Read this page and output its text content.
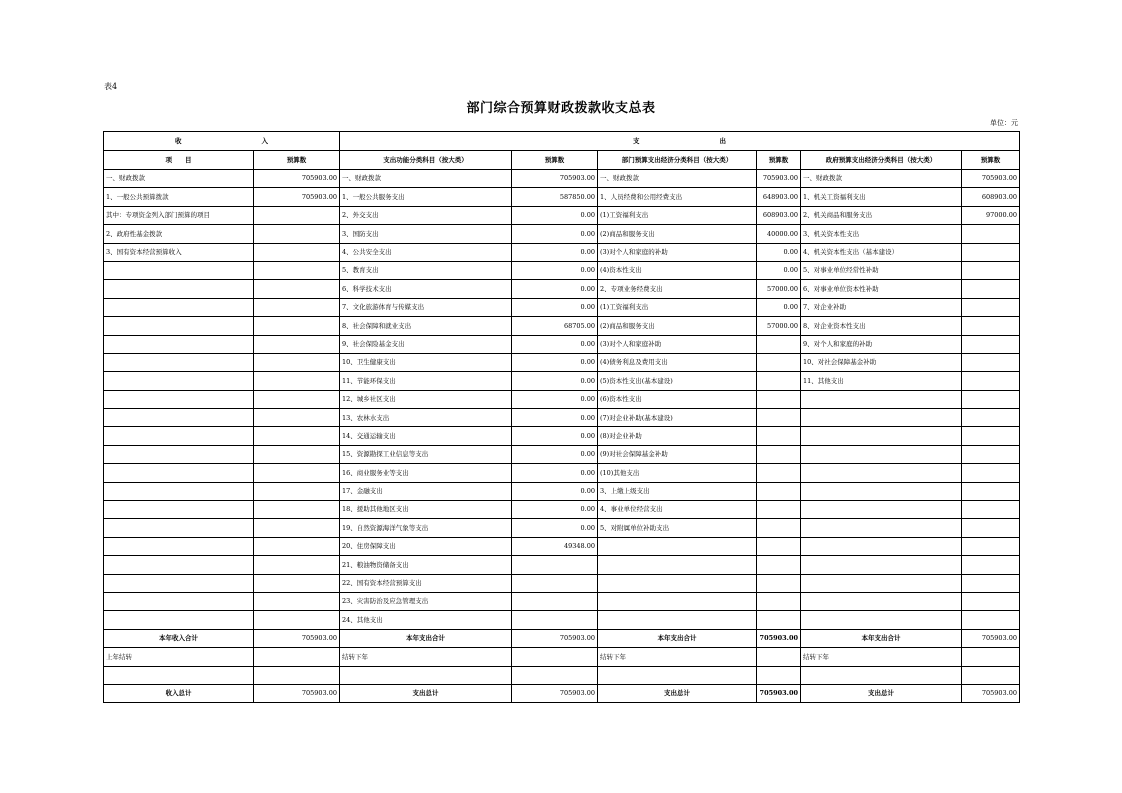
表4
部门综合预算财政拨款收支总表
单位：元
收 入		支 出					
项　　目	预算数	支出功能分类科目（按大类）	预算数	部门预算支出经济分类科目（按大类）	预算数	政府预算支出经济分类科目（按大类）	预算数
一、财政拨款	705903.00	一、财政拨款	705903.00	一、财政拨款	705903.00	一、财政拨款	705903.00
1、一般公共预算拨款	705903.00	1、一般公共服务支出	587850.00	1、人员经费和公用经费支出	648903.00	1、机关工资福利支出	608903.00
其中：专项资金列入部门预算的项目		2、外交支出	0.00	(1)工资福利支出	608903.00	2、机关商品和服务支出	97000.00
2、政府性基金拨款		3、国防支出	0.00	(2)商品和服务支出	40000.00	3、机关资本性支出	
3、国有资本经营预算收入		4、公共安全支出	0.00	(3)对个人和家庭的补助	0.00	4、机关资本性支出（基本建设）	
		5、教育支出	0.00	(4)资本性支出	0.00	5、对事业单位经常性补助	
		6、科学技术支出	0.00	2、专项业务经费支出	57000.00	6、对事业单位资本性补助	
		7、文化旅游体育与传媒支出	0.00	(1)工资福利支出	0.00	7、对企业补助	
		8、社会保障和就业支出	68705.00	(2)商品和服务支出	57000.00	8、对企业资本性支出	
		9、社会保险基金支出	0.00	(3)对个人和家庭补助		9、对个人和家庭的补助	
		10、卫生健康支出	0.00	(4)债务利息及费用支出		10、对社会保障基金补助	
		11、节能环保支出	0.00	(5)资本性支出(基本建设)		11、其他支出	
		12、城乡社区支出	0.00	(6)资本性支出			
		13、农林水支出	0.00	(7)对企业补助(基本建设)			
		14、交通运输支出	0.00	(8)对企业补助			
		15、资源勘探工业信息等支出	0.00	(9)对社会保障基金补助			
		16、商业服务业等支出	0.00	(10)其他支出			
		17、金融支出	0.00	3、上缴上级支出			
		18、援助其他地区支出	0.00	4、事业单位经营支出			
		19、自然资源海洋气象等支出	0.00	5、对附属单位补助支出			
		20、住房保障支出	49348.00				
		21、粮油物资储备支出					
		22、国有资本经营预算支出					
		23、灾害防治及应急管理支出					
		24、其他支出					
本年收入合计	705903.00	本年支出合计	705903.00	本年支出合计	705903.00	本年支出合计	705903.00
上年结转		结转下年		结转下年		结转下年	

收入总计	705903.00	支出总计	705903.00	支出总计	705903.00	支出总计	705903.00
